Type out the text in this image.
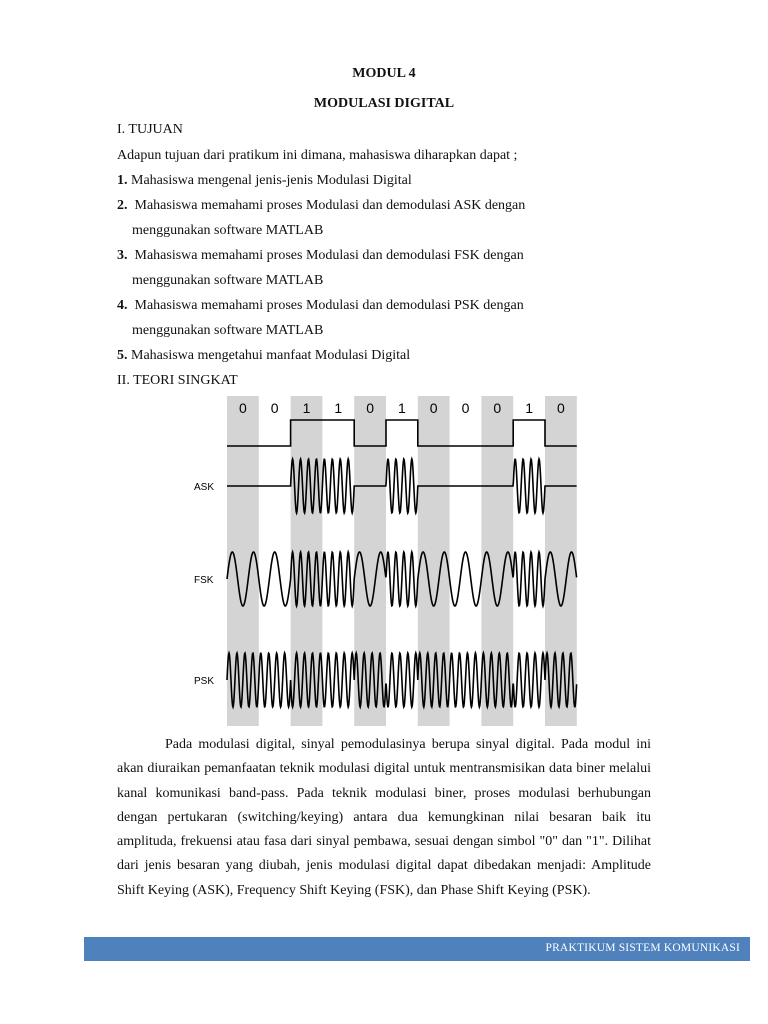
MODUL 4
MODULASI DIGITAL
I. TUJUAN
Adapun tujuan dari pratikum ini dimana, mahasiswa diharapkan dapat ;
1. Mahasiswa mengenal jenis-jenis Modulasi Digital
2. Mahasiswa memahami proses Modulasi dan demodulasi ASK dengan
menggunakan software MATLAB
3. Mahasiswa memahami proses Modulasi dan demodulasi FSK dengan
menggunakan software MATLAB
4. Mahasiswa memahami proses Modulasi dan demodulasi PSK dengan
menggunakan software MATLAB
5. Mahasiswa mengetahui manfaat Modulasi Digital
II. TEORI SINGKAT
0 0 1 1 0 1 0 0 0 1 0
ASK
FSK
PSK
Pada modulasi digital, sinyal pemodulasinya berupa sinyal digital. Pada modul ini akan diuraikan pemanfaatan teknik modulasi digital untuk mentransmisikan data biner melalui kanal komunikasi band-pass. Pada teknik modulasi biner, proses modulasi berhubungan dengan pertukaran (switching/keying) antara dua kemungkinan nilai besaran baik itu amplituda, frekuensi atau fasa dari sinyal pembawa, sesuai dengan simbol "0" dan "1". Dilihat dari jenis besaran yang diubah, jenis modulasi digital dapat dibedakan menjadi: Amplitude Shift Keying (ASK), Frequency Shift Keying (FSK), dan Phase Shift Keying (PSK).
PRAKTIKUM SISTEM KOMUNIKASI
